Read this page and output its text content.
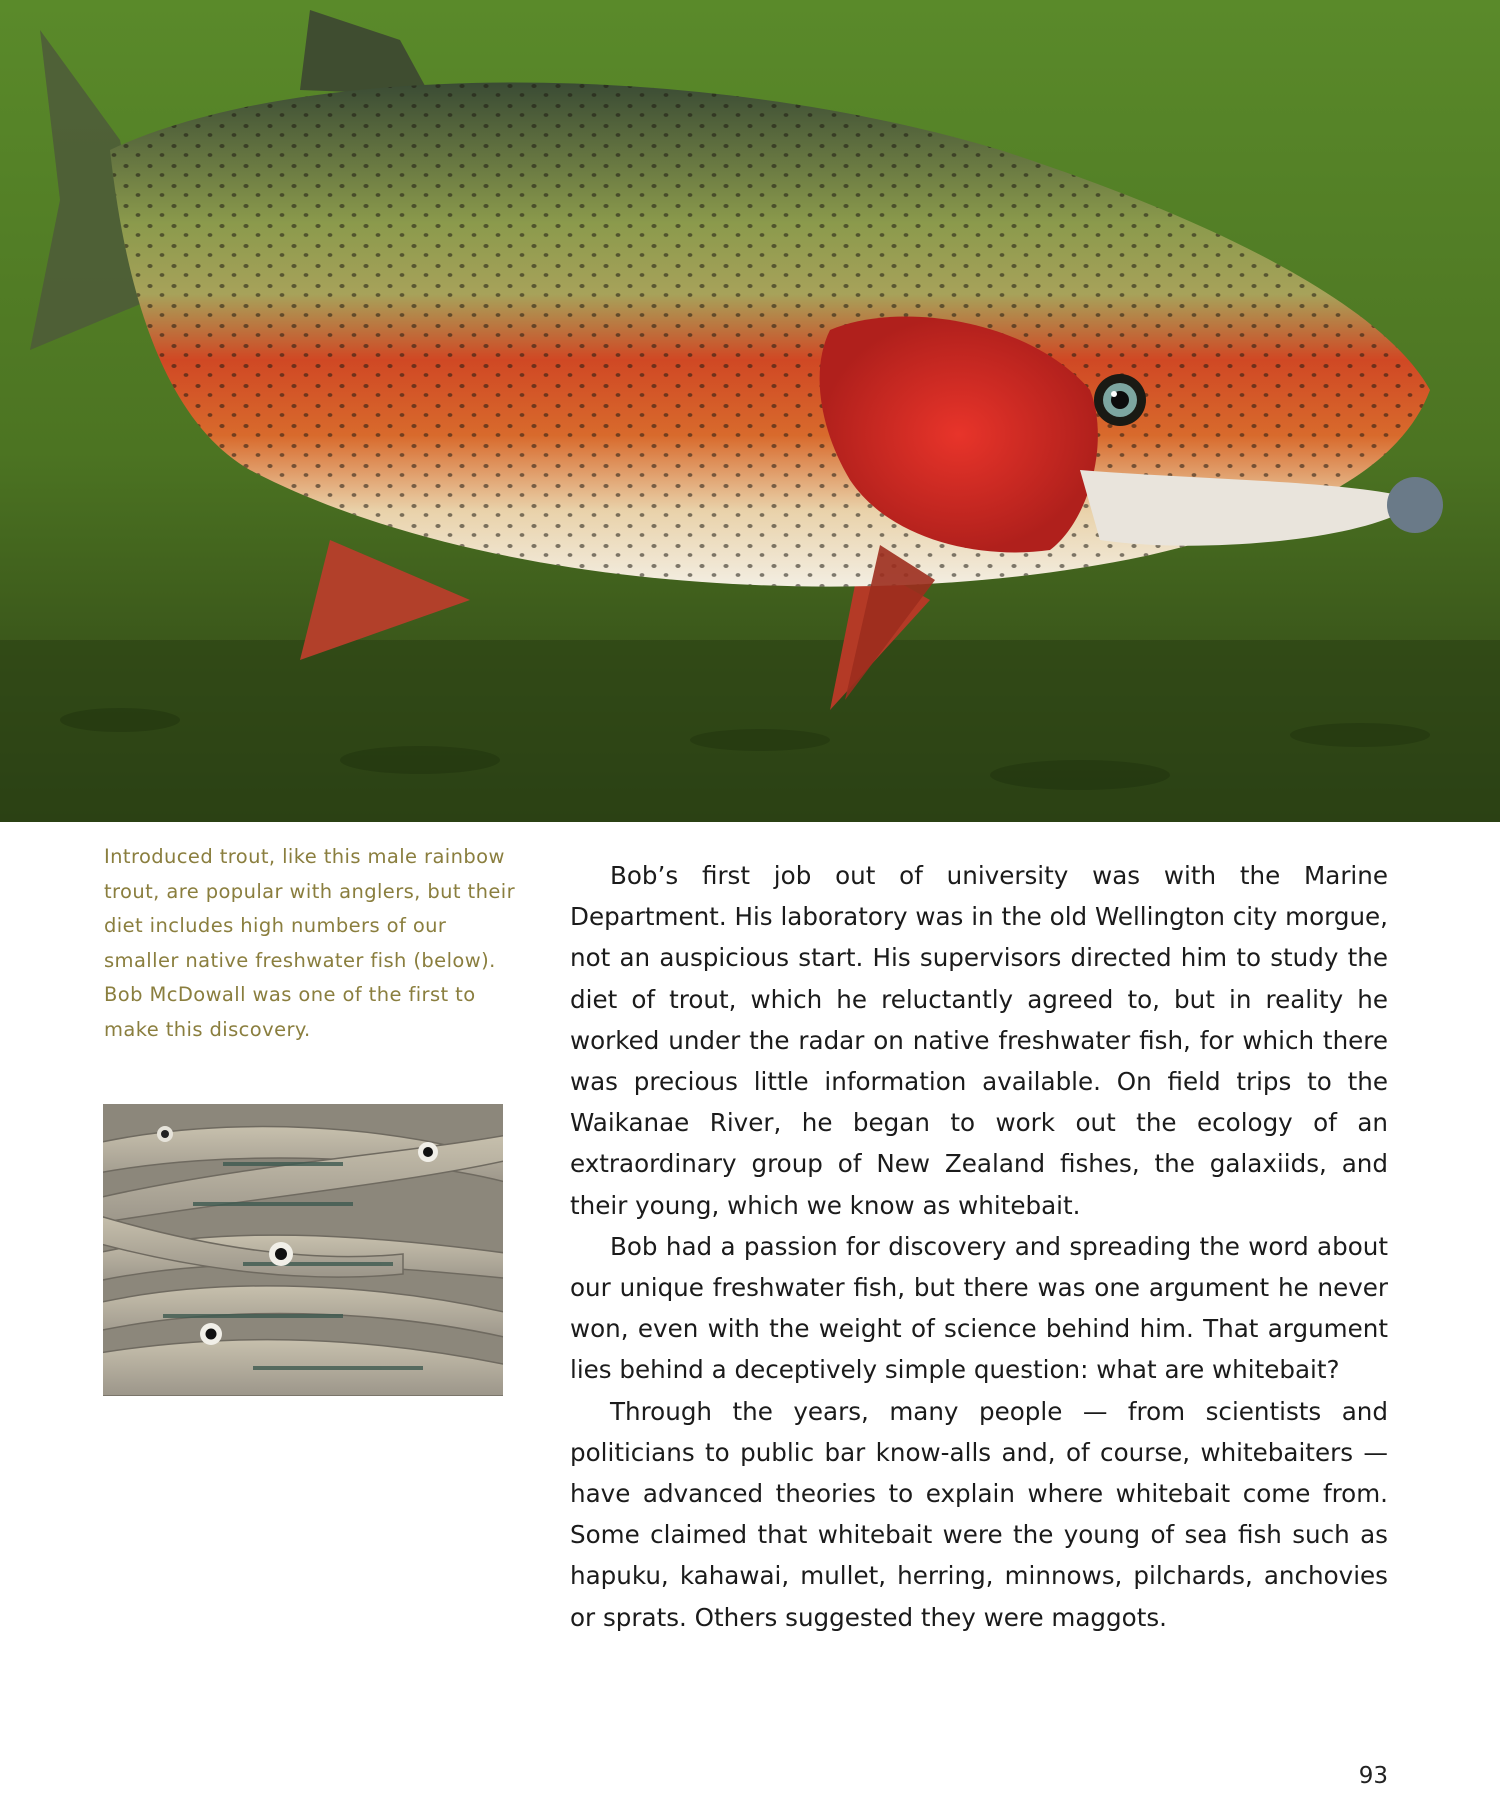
Introduced trout, like this male rainbow trout, are popular with anglers, but their diet includes high numbers of our smaller native freshwater fish (below). Bob McDowall was one of the first to make this discovery.

Bob’s first job out of university was with the Marine Department. His laboratory was in the old Wellington city morgue, not an auspicious start. His supervisors directed him to study the diet of trout, which he reluctantly agreed to, but in reality he worked under the radar on native freshwater fish, for which there was precious little information available. On field trips to the Waikanae River, he began to work out the ecology of an extraordinary group of New Zealand fishes, the galaxiids, and their young, which we know as whitebait.

Bob had a passion for discovery and spreading the word about our unique freshwater fish, but there was one argument he never won, even with the weight of science behind him. That argument lies behind a deceptively simple question: what are whitebait?

Through the years, many people — from scientists and politicians to public bar know-alls and, of course, whitebaiters — have advanced theories to explain where whitebait come from. Some claimed that whitebait were the young of sea fish such as hapuku, kahawai, mullet, herring, minnows, pilchards, anchovies or sprats. Others suggested they were maggots.

93
